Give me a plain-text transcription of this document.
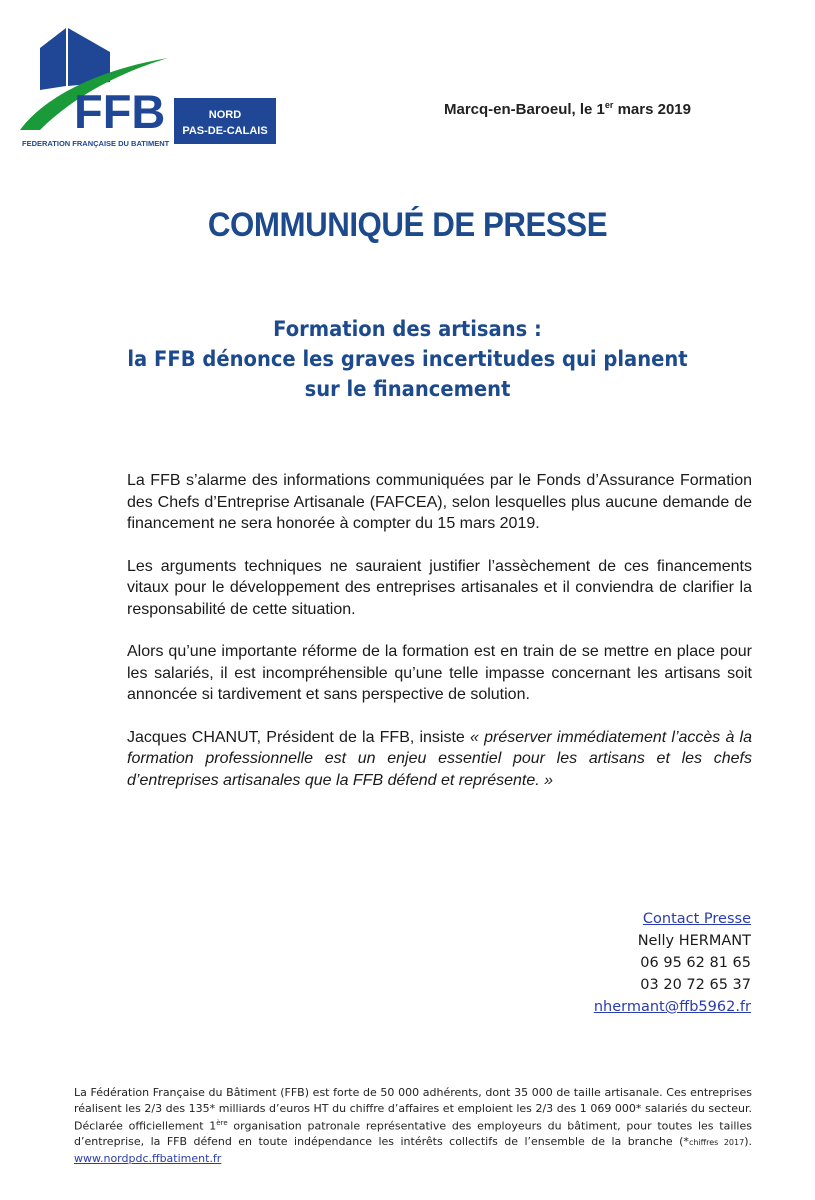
FFB	NORD
PAS-DE-CALAIS
FEDERATION FRANÇAISE DU BATIMENT
Marcq-en-Baroeul, le 1er mars 2019
COMMUNIQUÉ DE PRESSE
Formation des artisans :
la FFB dénonce les graves incertitudes qui planent
sur le financement

La FFB s’alarme des informations communiquées par le Fonds d’Assurance Formation des Chefs d’Entreprise Artisanale (FAFCEA), selon lesquelles plus aucune demande de financement ne sera honorée à compter du 15 mars 2019.

Les arguments techniques ne sauraient justifier l’assèchement de ces financements vitaux pour le développement des entreprises artisanales et il conviendra de clarifier la responsabilité de cette situation.

Alors qu’une importante réforme de la formation est en train de se mettre en place pour les salariés, il est incompréhensible qu’une telle impasse concernant les artisans soit annoncée si tardivement et sans perspective de solution.

Jacques CHANUT, Président de la FFB, insiste « préserver immédiatement l’accès à la formation professionnelle est un enjeu essentiel pour les artisans et les chefs d’entreprises artisanales que la FFB défend et représente. »

Contact Presse
Nelly HERMANT
06 95 62 81 65
03 20 72 65 37
nhermant@ffb5962.fr
La Fédération Française du Bâtiment (FFB) est forte de 50 000 adhérents, dont 35 000 de taille artisanale. Ces entreprises réalisent les 2/3 des 135* milliards d’euros HT du chiffre d’affaires et emploient les 2/3 des 1 069 000* salariés du secteur. Déclarée officiellement 1ère organisation patronale représentative des employeurs du bâtiment, pour toutes les tailles d’entreprise, la FFB défend en toute indépendance les intérêts collectifs de l’ensemble de la branche (*chiffres 2017). www.nordpdc.ffbatiment.fr
